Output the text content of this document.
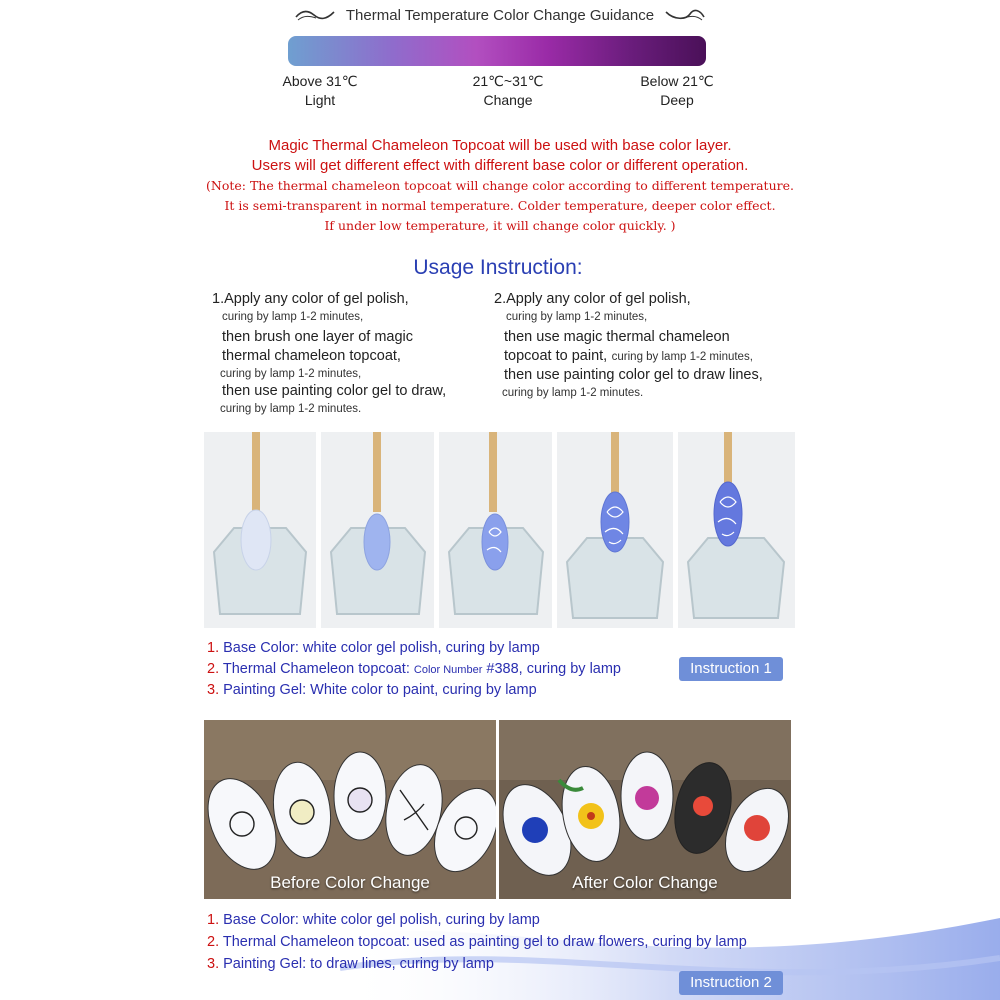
Thermal Temperature Color Change Guidance
Above 31℃
Light
21℃~31℃
Change
Below 21℃
Deep
Magic Thermal Chameleon Topcoat will be used with base color layer.
Users will get different effect with different base color or different operation.
(Note: The thermal chameleon topcoat will change color according to different temperature.
It is semi-transparent in normal temperature. Colder temperature, deeper color effect.
If under low temperature, it will change color quickly. )
Usage Instruction:
1.Apply any color of gel polish,
curing by lamp 1-2 minutes,
then brush one layer of magic
thermal chameleon topcoat,
curing by lamp 1-2 minutes,
then use painting color gel to draw,
curing by lamp 1-2 minutes.
2.Apply any color of gel polish,
curing by lamp 1-2 minutes,
then use magic thermal chameleon
topcoat to paint, curing by lamp 1-2 minutes,
then use painting color gel to draw lines,
curing by lamp 1-2 minutes.
1. Base Color: white color gel polish, curing by lamp
2. Thermal Chameleon topcoat: Color Number #388, curing by lamp
3. Painting Gel: White color to paint, curing by lamp
Instruction 1
Before Color Change	After Color Change
1. Base Color: white color gel polish, curing by lamp
2. Thermal Chameleon topcoat: used as painting gel to draw flowers, curing by lamp
3. Painting Gel: to draw lines, curing by lamp
Instruction 2
